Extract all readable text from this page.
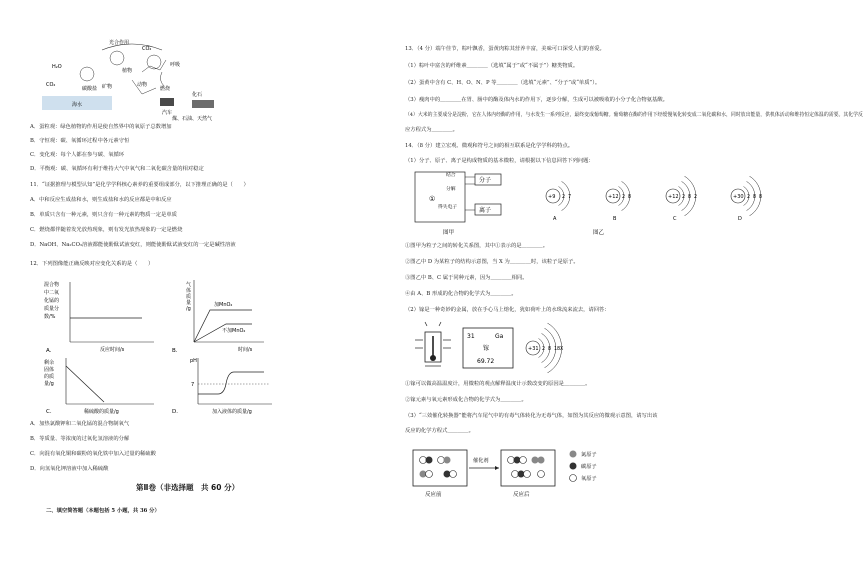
光合作用
CO₂
呼吸
燃烧
海水
矿物
化石
汽车
煤、石油、天然气
植物
动物
碳酸盐
H₂O
CO₂
A．蛋粒观：绿色植物的作用是使自然界中的氧原子总数增加
B．守恒观：碳、氧循环过程中各元素守恒
C．变化观：每个人都在参与碳、氧循环
D．平衡观：碳、氧循环有利于维持大气中氧气和二氧化碳含量的相对稳定
11．“证据推理与模型认知”是化学学科核心素养的重要组成部分，以下推理正确的是（　　）
A．中和反应生成盐和水，则生成盐和水的反应都是中和反应
B．单质只含有一种元素，则只含有一种元素的物质一定是单质
C．燃烧都伴随着发光放热现象，则有发光放热现象的一定是燃烧
D．NaOH、Na₂CO₃溶液都能使酚酞试液变红，则能使酚酞试液变红的一定是碱性溶液
12．下列图像能正确反映对应变化关系的是（　　）
混合物
中二氧
化锰的
质量分
数/%
A．	反应时间/s
气
体
质
量
/g
加MnO₂
不加MnO₂
B．	时间/s
剩余
固体
的质
量/g
C．	稀硫酸的质量/g
pH
7
D．	加入液体的质量/g
A．加热氯酸钾和二氧化锰的混合物制氧气
B．等质量、等浓度的过氧化氢溶液的分解
C．向混有氧化铜和碳粉的氧化铁中加入过量的稀硫酸
D．向氢氧化钾溶液中加入稀硫酸
第Ⅱ卷（非选择题　共 60 分）
二、填空简答题（本题包括 5 小题，共 36 分）
13．（4 分）端午佳节，粽叶飘香，蛋黄肉粽其营养丰富，美味可口深受人们的喜爱。
（1）粽叶中富含的纤维素＿＿＿＿（选填“属于”或“不属于”）糖类物质。
（2）蛋黄中含有 C、H、O、N、P 等＿＿＿＿（选填“元素”、“分子”或“单质”）。
（3）瘦肉中的＿＿＿＿在胃、肠中的酶及体内水的作用下，逐步分解，生成可以被吸收的小分子化合物氨基酸。
（4）大米的主要成分是淀粉，它在人体内经酶的作用，与水发生一系列反应，最终变成葡萄糖。葡萄糖在酶的作用下经缓慢氧化转变成二氧化碳和水，同时放出能量，供机体活动和维持恒定体温的需要。其化学反
应方程式为＿＿＿＿。
14．（8 分）建立宏观、微观和符号之间的相互联系是化学学科的特点。
（1）分子、原子、离子是构成物质的基本微粒，请根据以下信息回答下列问题：
①
分子
离子
结合
分解
得失电子
图甲
+9 2 7
A
+12 2 8
B
+12 2 8 2
C
+30 2 8 8
D
图乙
①图甲为粒子之间的转化关系图，其中①表示的是＿＿＿＿。
②图乙中 D 为某粒子的结构示意图，当 X 为＿＿＿＿时，该粒子是原子。
③图乙中 B、C 属于同种元素，因为＿＿＿＿相同。
④由 A、B 形成的化合物的化学式为＿＿＿＿。
（2）镓是一种奇妙的金属，放在手心马上熔化，犹如荷叶上的水珠流来流去，请回答：
31	Ga
镓
69.72
+31 2 8 18 X
①镓可以做高温温度计，用微粒的观点解释温度计示数改变的原因是＿＿＿＿。
②镓元素与氧元素形成化合物的化学式为＿＿＿＿。
（3）“三效催化转换器”能将汽车尾气中的有毒气体转化为无毒气体，如图为其反应的微观示意图，请写出该
反应的化学方程式＿＿＿＿。
催化剂
反应前	反应后
氮原子
碳原子
氧原子
